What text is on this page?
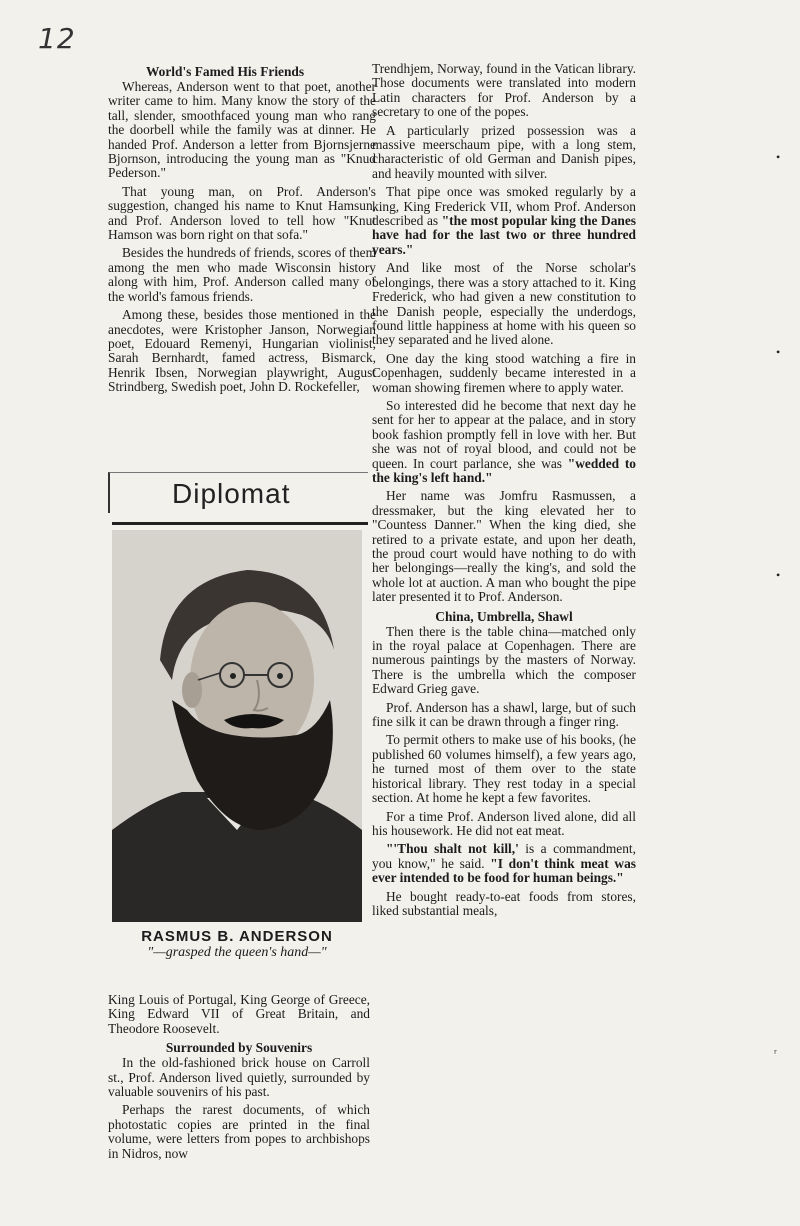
12
World's Famed His Friends

Whereas, Anderson went to that poet, another writer came to him. Many know the story of the tall, slender, smoothfaced young man who rang the doorbell while the family was at dinner. He handed Prof. Anderson a letter from Bjornsjerne Bjornson, introducing the young man as "Knud Pederson."

That young man, on Prof. Anderson's suggestion, changed his name to Knut Hamsun, and Prof. Anderson loved to tell how "Knut Hamson was born right on that sofa."

Besides the hundreds of friends, scores of them among the men who made Wisconsin history along with him, Prof. Anderson called many of the world's famous friends.

Among these, besides those mentioned in the anecdotes, were Kristopher Janson, Norwegian poet, Edouard Remenyi, Hungarian violinist, Sarah Bernhardt, famed actress, Bismarck, Henrik Ibsen, Norwegian playwright, August Strindberg, Swedish poet, John D. Rockefeller,

Diplomat
RASMUS B. ANDERSON
"—grasped the queen's hand—"

King Louis of Portugal, King George of Greece, King Edward VII of Great Britain, and Theodore Roosevelt.

Surrounded by Souvenirs

In the old-fashioned brick house on Carroll st., Prof. Anderson lived quietly, surrounded by valuable souvenirs of his past.

Perhaps the rarest documents, of which photostatic copies are printed in the final volume, were letters from popes to archbishops in Nidros, now

Trendhjem, Norway, found in the Vatican library. Those documents were translated into modern Latin characters for Prof. Anderson by a secretary to one of the popes.

A particularly prized possession was a massive meerschaum pipe, with a long stem, characteristic of old German and Danish pipes, and heavily mounted with silver.

That pipe once was smoked regularly by a king, King Frederick VII, whom Prof. Anderson described as "the most popular king the Danes have had for the last two or three hundred years."

And like most of the Norse scholar's belongings, there was a story attached to it. King Frederick, who had given a new constitution to the Danish people, especially the underdogs, found little happiness at home with his queen so they separated and he lived alone.

One day the king stood watching a fire in Copenhagen, suddenly became interested in a woman showing firemen where to apply water.

So interested did he become that next day he sent for her to appear at the palace, and in story book fashion promptly fell in love with her. But she was not of royal blood, and could not be queen. In court parlance, she was "wedded to the king's left hand."

Her name was Jomfru Rasmussen, a dressmaker, but the king elevated her to "Countess Danner." When the king died, she retired to a private estate, and upon her death, the proud court would have nothing to do with her belongings—really the king's, and sold the whole lot at auction. A man who bought the pipe later presented it to Prof. Anderson.

China, Umbrella, Shawl

Then there is the table china—matched only in the royal palace at Copenhagen. There are numerous paintings by the masters of Norway. There is the umbrella which the composer Edward Grieg gave.

Prof. Anderson has a shawl, large, but of such fine silk it can be drawn through a finger ring.

To permit others to make use of his books, (he published 60 volumes himself), a few years ago, he turned most of them over to the state historical library. They rest today in a special section. At home he kept a few favorites.

For a time Prof. Anderson lived alone, did all his housework. He did not eat meat.

"'Thou shalt not kill,' is a commandment, you know," he said. "I don't think meat was ever intended to be food for human beings."

He bought ready-to-eat foods from stores, liked substantial meals,

•
•
•
ʳ
